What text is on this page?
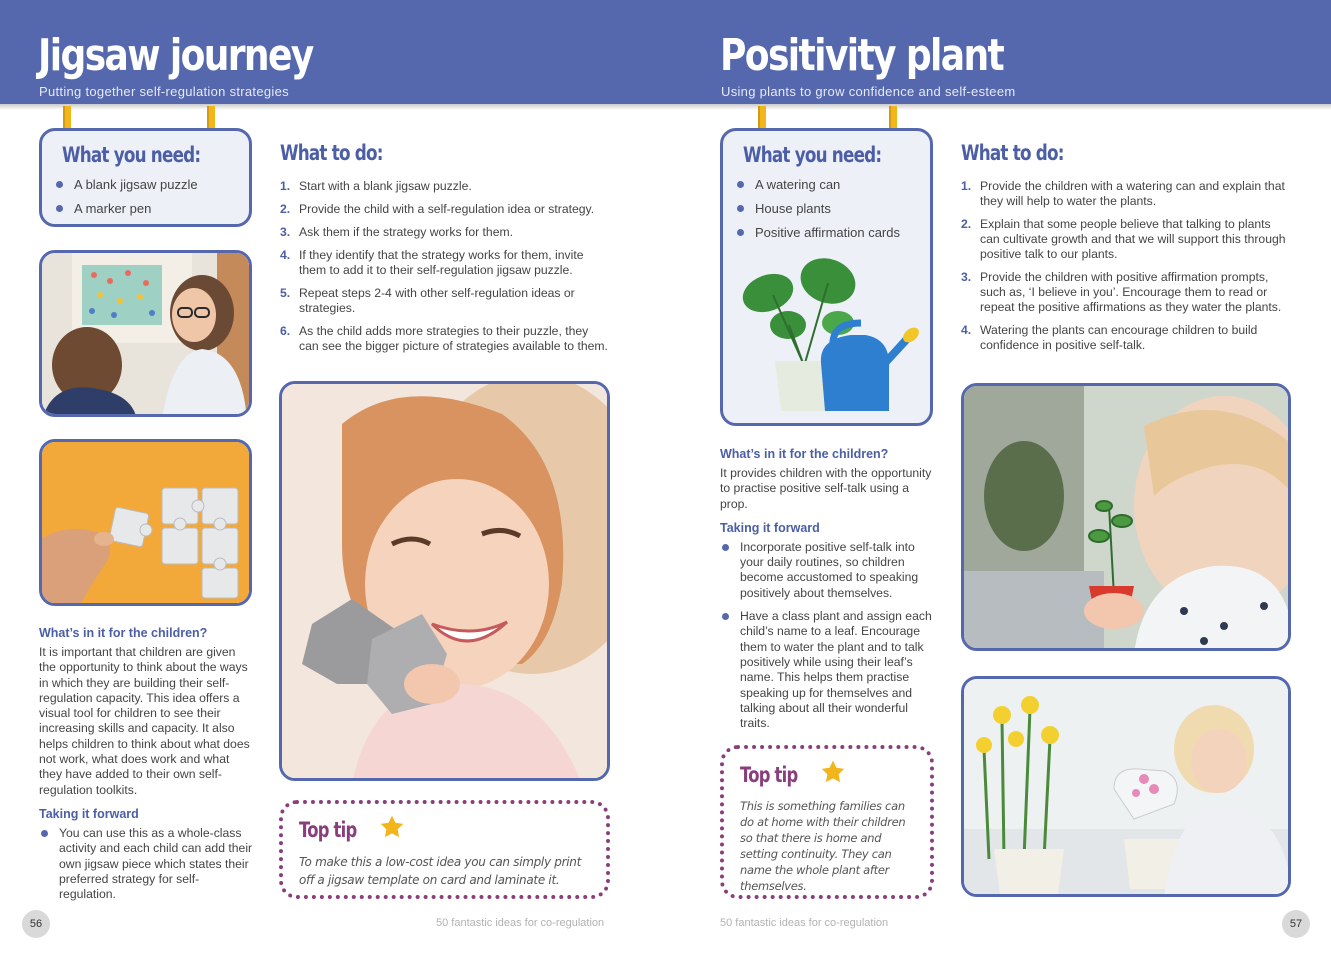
Jigsaw journey
Putting together self-regulation strategies
Positivity plant
Using plants to grow confidence and self-esteem
What you need:
A blank jigsaw puzzle
A marker pen
What’s in it for the children?
It is important that children are given the opportunity to think about the ways in which they are building their self-regulation capacity. This idea offers a visual tool for children to see their increasing skills and capacity. It also helps children to think about what does not work, what does work and what they have added to their own self-regulation toolkits.
Taking it forward
You can use this as a whole-class activity and each child can add their own jigsaw piece which states their preferred strategy for self-regulation.
What to do:
1. Start with a blank jigsaw puzzle.
2. Provide the child with a self-regulation idea or strategy.
3. Ask them if the strategy works for them.
4. If they identify that the strategy works for them, invite them to add it to their self-regulation jigsaw puzzle.
5. Repeat steps 2-4 with other self-regulation ideas or strategies.
6. As the child adds more strategies to their puzzle, they can see the bigger picture of strategies available to them.
Top tip
To make this a low-cost idea you can simply print off a jigsaw template on card and laminate it.
56	50 fantastic ideas for co-regulation
What you need:
A watering can
House plants
Positive affirmation cards
What’s in it for the children?
It provides children with the opportunity to practise positive self-talk using a prop.
Taking it forward
Incorporate positive self-talk into your daily routines, so children become accustomed to speaking positively about themselves.
Have a class plant and assign each child’s name to a leaf. Encourage them to water the plant and to talk positively while using their leaf’s name. This helps them practise speaking up for themselves and talking about all their wonderful traits.
Top tip
This is something families can do at home with their children so that there is home and setting continuity. They can name the whole plant after themselves.
What to do:
1. Provide the children with a watering can and explain that they will help to water the plants.
2. Explain that some people believe that talking to plants can cultivate growth and that we will support this through positive talk to our plants.
3. Provide the children with positive affirmation prompts, such as, ‘I believe in you’. Encourage them to read or repeat the positive affirmations as they water the plants.
4. Watering the plants can encourage children to build confidence in positive self-talk.
57
50 fantastic ideas for co-regulation
